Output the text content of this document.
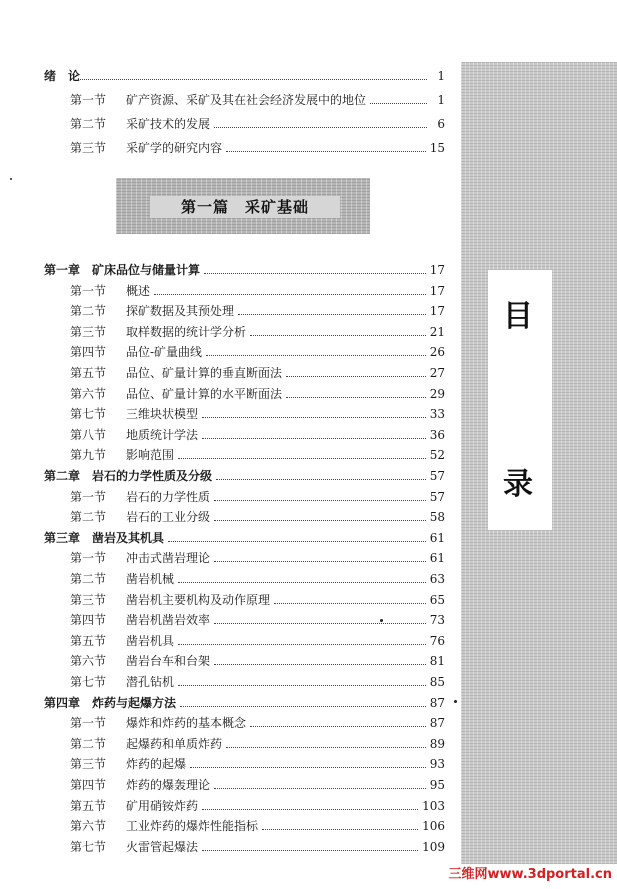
目
录
第一篇　采矿基础
绪　论	1
第一节	矿产资源、采矿及其在社会经济发展中的地位	1
第二节	采矿技术的发展	6
第三节	采矿学的研究内容	15
第一章	矿床品位与储量计算	17
第一节	概述	17
第二节	探矿数据及其预处理	17
第三节	取样数据的统计学分析	21
第四节	品位-矿量曲线	26
第五节	品位、矿量计算的垂直断面法	27
第六节	品位、矿量计算的水平断面法	29
第七节	三维块状模型	33
第八节	地质统计学法	36
第九节	影响范围	52
第二章	岩石的力学性质及分级	57
第一节	岩石的力学性质	57
第二节	岩石的工业分级	58
第三章	凿岩及其机具	61
第一节	冲击式凿岩理论	61
第二节	凿岩机械	63
第三节	凿岩机主要机构及动作原理	65
第四节	凿岩机凿岩效率	73
第五节	凿岩机具	76
第六节	凿岩台车和台架	81
第七节	潜孔钻机	85
第四章	炸药与起爆方法	87
第一节	爆炸和炸药的基本概念	87
第二节	起爆药和单质炸药	89
第三节	炸药的起爆	93
第四节	炸药的爆轰理论	95
第五节	矿用硝铵炸药	103
第六节	工业炸药的爆炸性能指标	106
第七节	火雷管起爆法	109
三维网www.3dportal.cn
